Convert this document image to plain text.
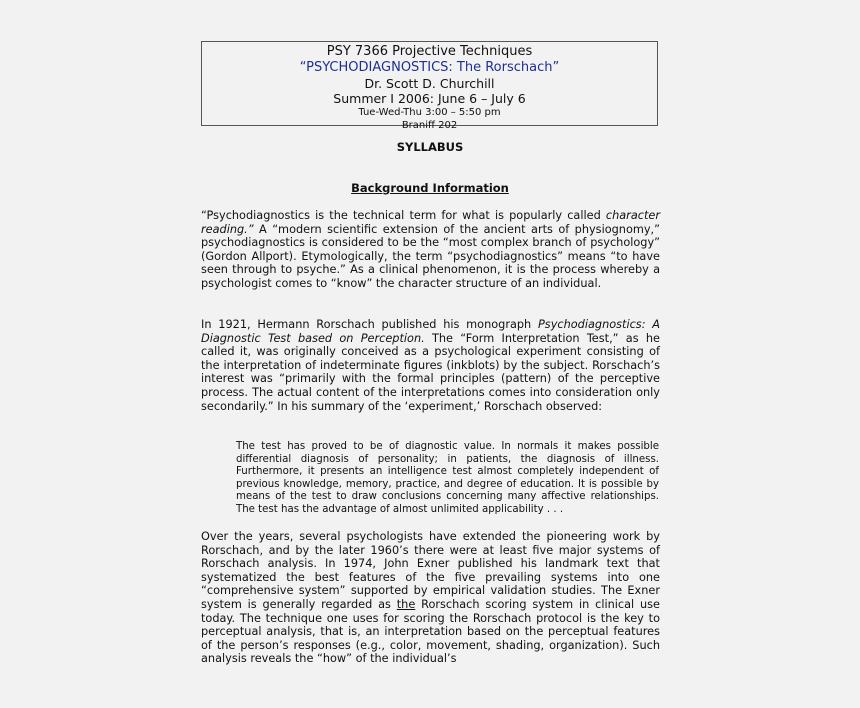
PSY 7366 Projective Techniques
“PSYCHODIAGNOSTICS: The Rorschach”
Dr. Scott D. Churchill
Summer I 2006: June 6 – July 6
Tue-Wed-Thu 3:00 – 5:50 pm
Braniff 202
SYLLABUS
Background Information

“Psychodiagnostics is the technical term for what is popularly called character reading.” A “modern scientific extension of the ancient arts of physiognomy,” psychodiagnostics is considered to be the “most complex branch of psychology” (Gordon Allport). Etymologically, the term “psychodiagnostics” means “to have seen through to psyche.” As a clinical phenomenon, it is the process whereby a psychologist comes to “know” the character structure of an individual.

In 1921, Hermann Rorschach published his monograph Psychodiagnostics: A Diagnostic Test based on Perception. The “Form Interpretation Test,” as he called it, was originally conceived as a psychological experiment consisting of the interpretation of indeterminate figures (inkblots) by the subject. Rorschach’s interest was “primarily with the formal principles (pattern) of the perceptive process. The actual content of the interpretations comes into consideration only secondarily.” In his summary of the ‘experiment,’ Rorschach observed:

The test has proved to be of diagnostic value. In normals it makes possible differential diagnosis of personality; in patients, the diagnosis of illness. Furthermore, it presents an intelligence test almost completely independent of previous knowledge, memory, practice, and degree of education. It is possible by means of the test to draw conclusions concerning many affective relationships. The test has the advantage of almost unlimited applicability . . .

Over the years, several psychologists have extended the pioneering work by Rorschach, and by the later 1960’s there were at least five major systems of Rorschach analysis. In 1974, John Exner published his landmark text that systematized the best features of the five prevailing systems into one “comprehensive system” supported by empirical validation studies. The Exner system is generally regarded as the Rorschach scoring system in clinical use today. The technique one uses for scoring the Rorschach protocol is the key to perceptual analysis, that is, an interpretation based on the perceptual features of the person’s responses (e.g., color, movement, shading, organization). Such analysis reveals the “how” of the individual’s
